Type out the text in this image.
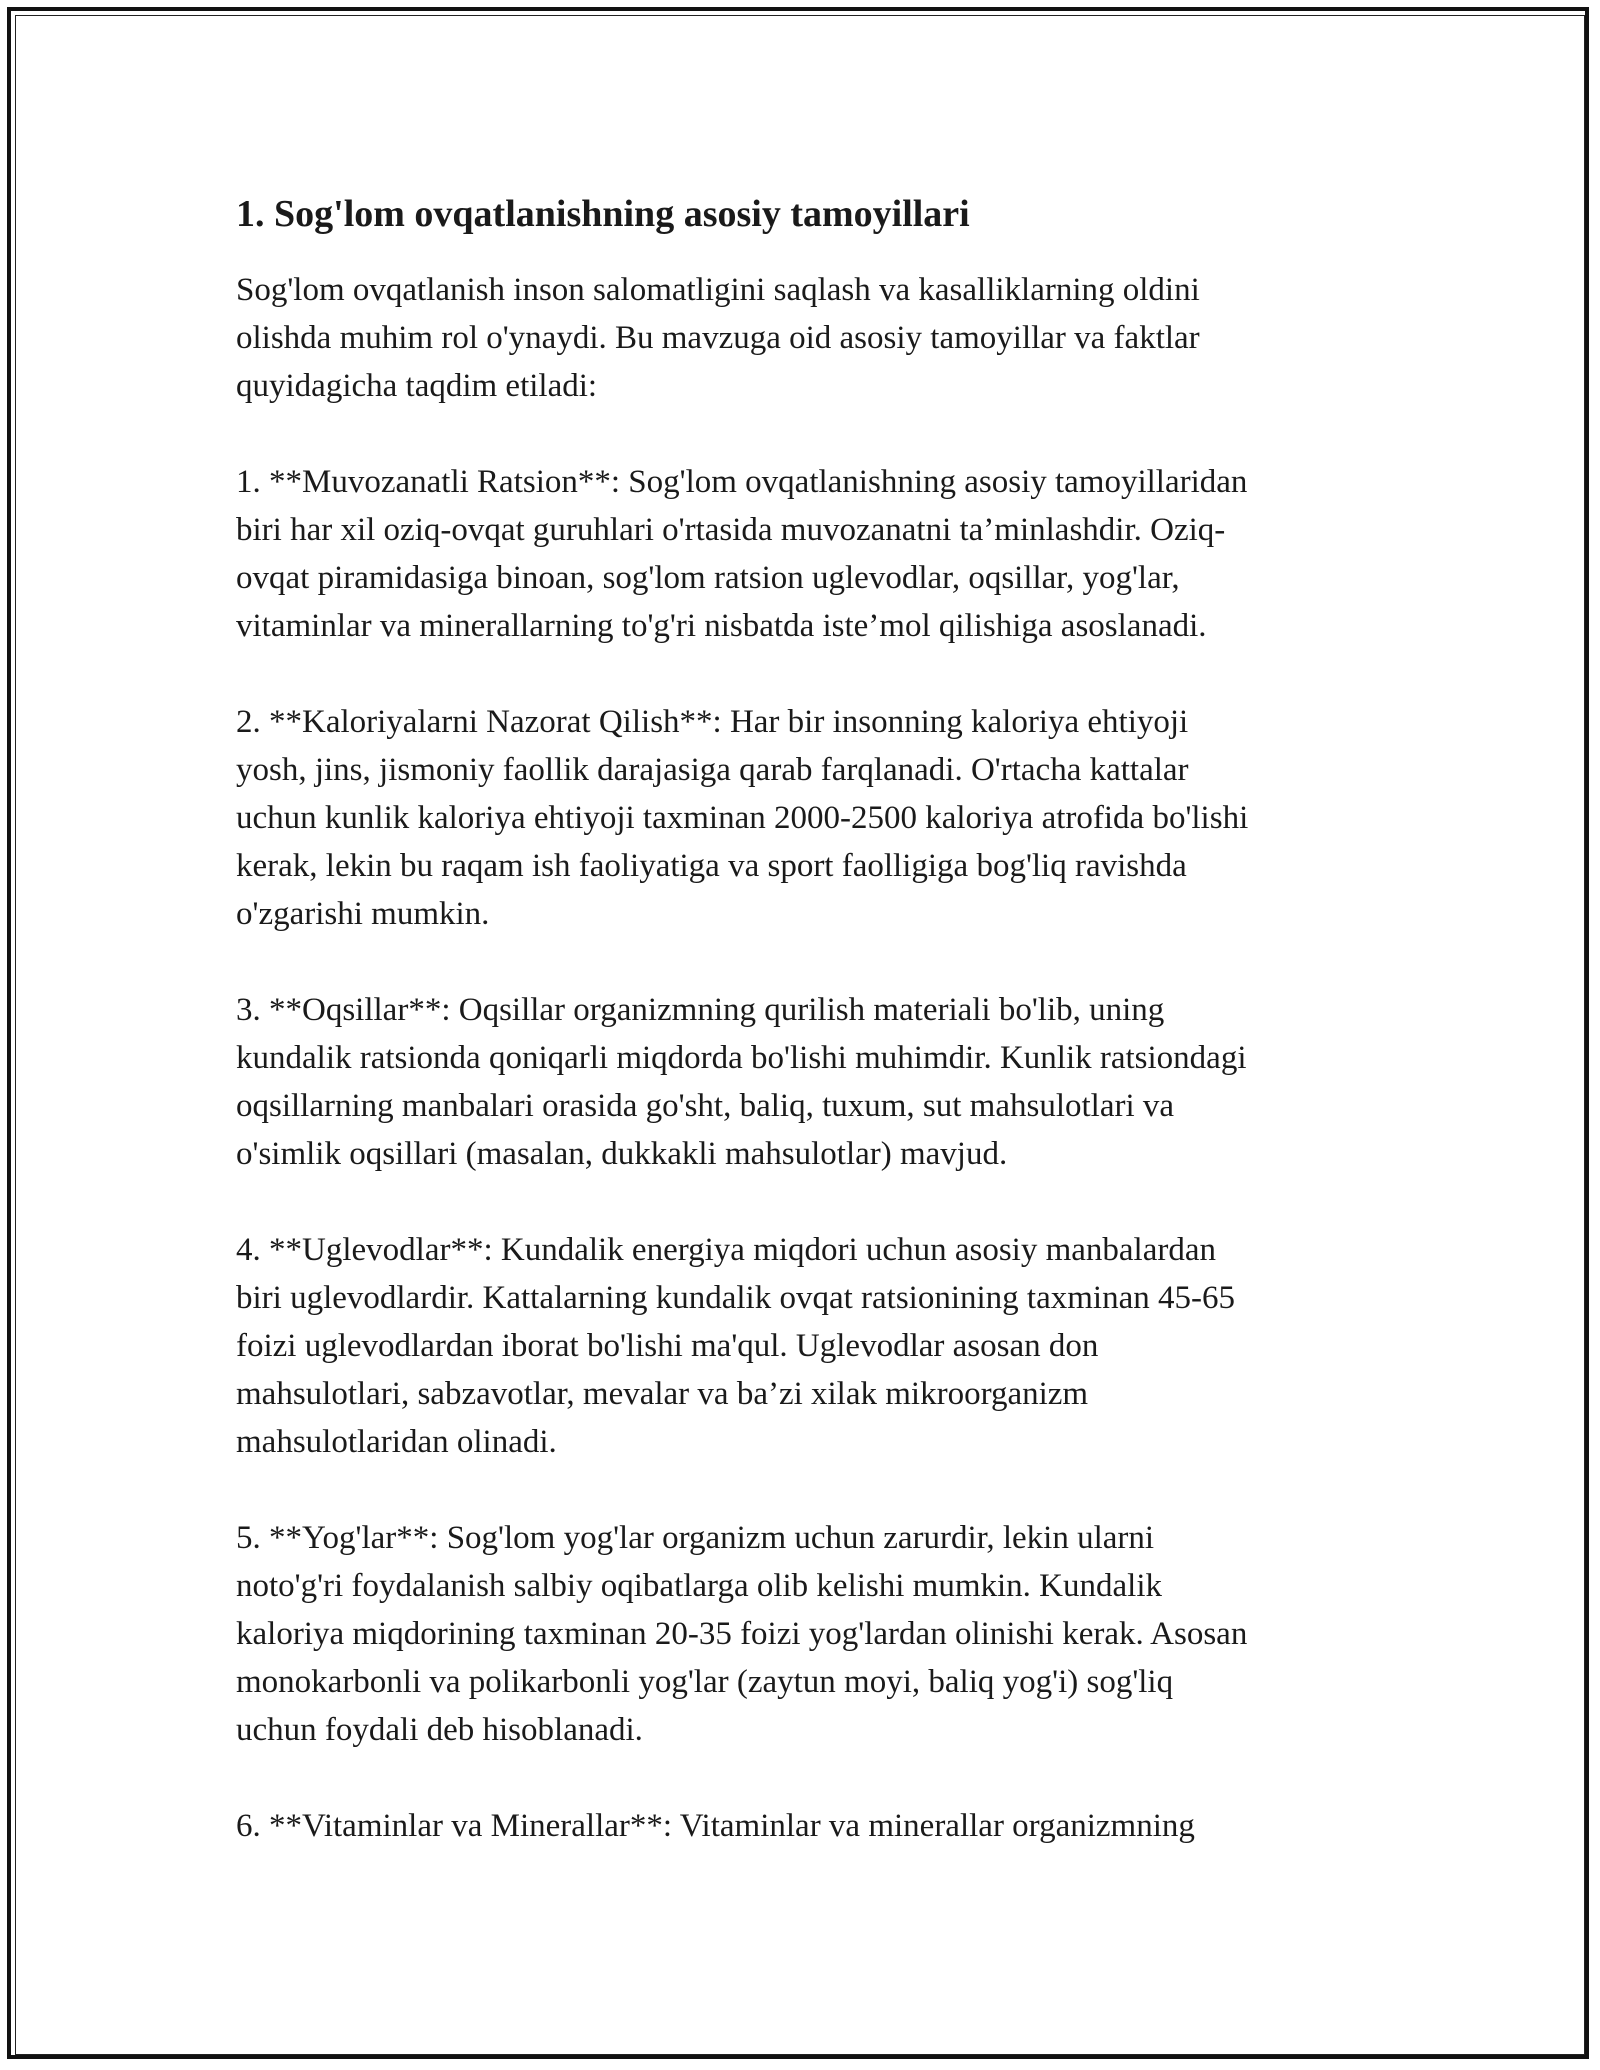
1. Sog'lom ovqatlanishning asosiy tamoyillari

Sog'lom ovqatlanish inson salomatligini saqlash va kasalliklarning oldini
olishda muhim rol o'ynaydi. Bu mavzuga oid asosiy tamoyillar va faktlar
quyidagicha taqdim etiladi:

1. **Muvozanatli Ratsion**: Sog'lom ovqatlanishning asosiy tamoyillaridan
biri har xil oziq-ovqat guruhlari o'rtasida muvozanatni ta’minlashdir. Oziq-
ovqat piramidasiga binoan, sog'lom ratsion uglevodlar, oqsillar, yog'lar,
vitaminlar va minerallarning to'g'ri nisbatda iste’mol qilishiga asoslanadi.

2. **Kaloriyalarni Nazorat Qilish**: Har bir insonning kaloriya ehtiyoji
yosh, jins, jismoniy faollik darajasiga qarab farqlanadi. O'rtacha kattalar
uchun kunlik kaloriya ehtiyoji taxminan 2000-2500 kaloriya atrofida bo'lishi
kerak, lekin bu raqam ish faoliyatiga va sport faolligiga bog'liq ravishda
o'zgarishi mumkin.

3. **Oqsillar**: Oqsillar organizmning qurilish materiali bo'lib, uning
kundalik ratsionda qoniqarli miqdorda bo'lishi muhimdir. Kunlik ratsiondagi
oqsillarning manbalari orasida go'sht, baliq, tuxum, sut mahsulotlari va
o'simlik oqsillari (masalan, dukkakli mahsulotlar) mavjud.

4. **Uglevodlar**: Kundalik energiya miqdori uchun asosiy manbalardan
biri uglevodlardir. Kattalarning kundalik ovqat ratsionining taxminan 45-65
foizi uglevodlardan iborat bo'lishi ma'qul. Uglevodlar asosan don
mahsulotlari, sabzavotlar, mevalar va ba’zi xilak mikroorganizm
mahsulotlaridan olinadi.

5. **Yog'lar**: Sog'lom yog'lar organizm uchun zarurdir, lekin ularni
noto'g'ri foydalanish salbiy oqibatlarga olib kelishi mumkin. Kundalik
kaloriya miqdorining taxminan 20-35 foizi yog'lardan olinishi kerak. Asosan
monokarbonli va polikarbonli yog'lar (zaytun moyi, baliq yog'i) sog'liq
uchun foydali deb hisoblanadi.

6. **Vitaminlar va Minerallar**: Vitaminlar va minerallar organizmning
